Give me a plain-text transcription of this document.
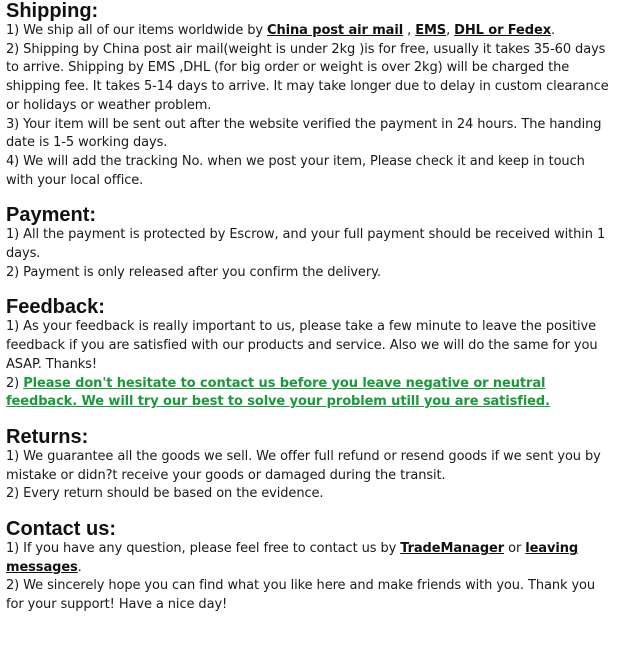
Shipping:

1) We ship all of our items worldwide by China post air mail , EMS, DHL or Fedex.

2) Shipping by China post air mail(weight is under 2kg )is for free, usually it takes 35-60 days to arrive. Shipping by EMS ,DHL (for big order or weight is over 2kg) will be charged the shipping fee. It takes 5-14 days to arrive. It may take longer due to delay in custom clearance or holidays or weather problem.

3) Your item will be sent out after the website verified the payment in 24 hours. The handing date is 1-5 working days.

4) We will add the tracking No. when we post your item, Please check it and keep in touch with your local office.

Payment:

1) All the payment is protected by Escrow, and your full payment should be received within 1 days.

2) Payment is only released after you confirm the delivery.

Feedback:

1) As your feedback is really important to us, please take a few minute to leave the positive feedback if you are satisfied with our products and service. Also we will do the same for you ASAP. Thanks!

2) Please don't hesitate to contact us before you leave negative or neutral feedback. We will try our best to solve your problem utill you are satisfied.

Returns:

1) We guarantee all the goods we sell. We offer full refund or resend goods if we sent you by mistake or didn?t receive your goods or damaged during the transit.

2) Every return should be based on the evidence.

Contact us:

1) If you have any question, please feel free to contact us by TradeManager or leaving messages.

2) We sincerely hope you can find what you like here and make friends with you. Thank you for your support! Have a nice day!
